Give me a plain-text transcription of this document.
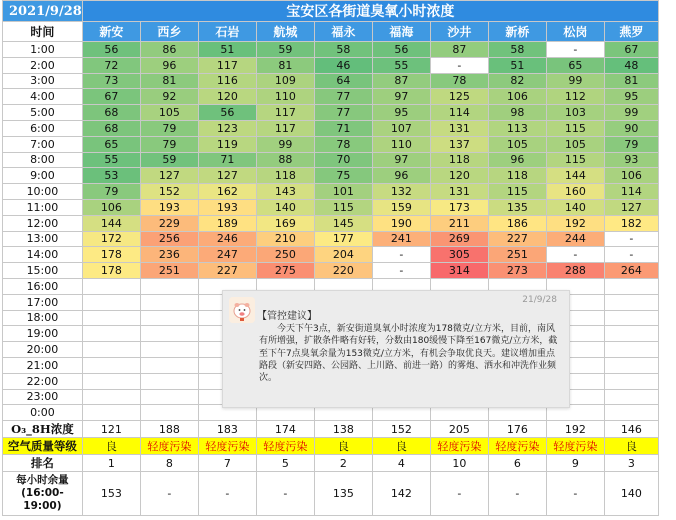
2021/9/28	宝安区各街道臭氧小时浓度									
时间	新安	西乡	石岩	航城	福永	福海	沙井	新桥	松岗	燕罗
1:00	56	86	51	59	58	56	87	58	-	67
2:00	72	96	117	81	46	55	-	51	65	48
3:00	73	81	116	109	64	87	78	82	99	81
4:00	67	92	120	110	77	97	125	106	112	95
5:00	68	105	56	117	77	95	114	98	103	99
6:00	68	79	123	117	71	107	131	113	115	90
7:00	65	79	119	99	78	110	137	105	105	79
8:00	55	59	71	88	70	97	118	96	115	93
9:00	53	127	127	118	75	96	120	118	144	106
10:00	79	152	162	143	101	132	131	115	160	114
11:00	106	193	193	140	115	159	173	135	140	127
12:00	144	229	189	169	145	190	211	186	192	182
13:00	172	256	246	210	177	241	269	227	244	-
14:00	178	236	247	250	204	-	305	251	-	-
15:00	178	251	227	275	220	-	314	273	288	264
16:00										
17:00										
18:00										
19:00										
20:00										
21:00										
22:00										
23:00										
0:00										
O₃_8H浓度	121	188	183	174	138	152	205	176	192	146
空气质量等级	良	轻度污染	轻度污染	轻度污染	良	良	轻度污染	轻度污染	轻度污染	良
排名	1	8	7	5	2	4	10	6	9	3

每小时余量
(16:00-19:00)	153	-	-	-	135	142	-	-	-	140
【管控建议】
21/9/28
今天下午3点，新安街道臭氧小时浓度为178微克/立方米，目前，南风有所增强，扩散条件略有好转，分数由180缓慢下降至167微克/立方米，截至下午7点臭氧余量为153微克/立方米，有机会争取优良天。建议增加重点路段（新安四路、公园路、上川路、前进一路）的雾炮、洒水和冲洗作业频次。
